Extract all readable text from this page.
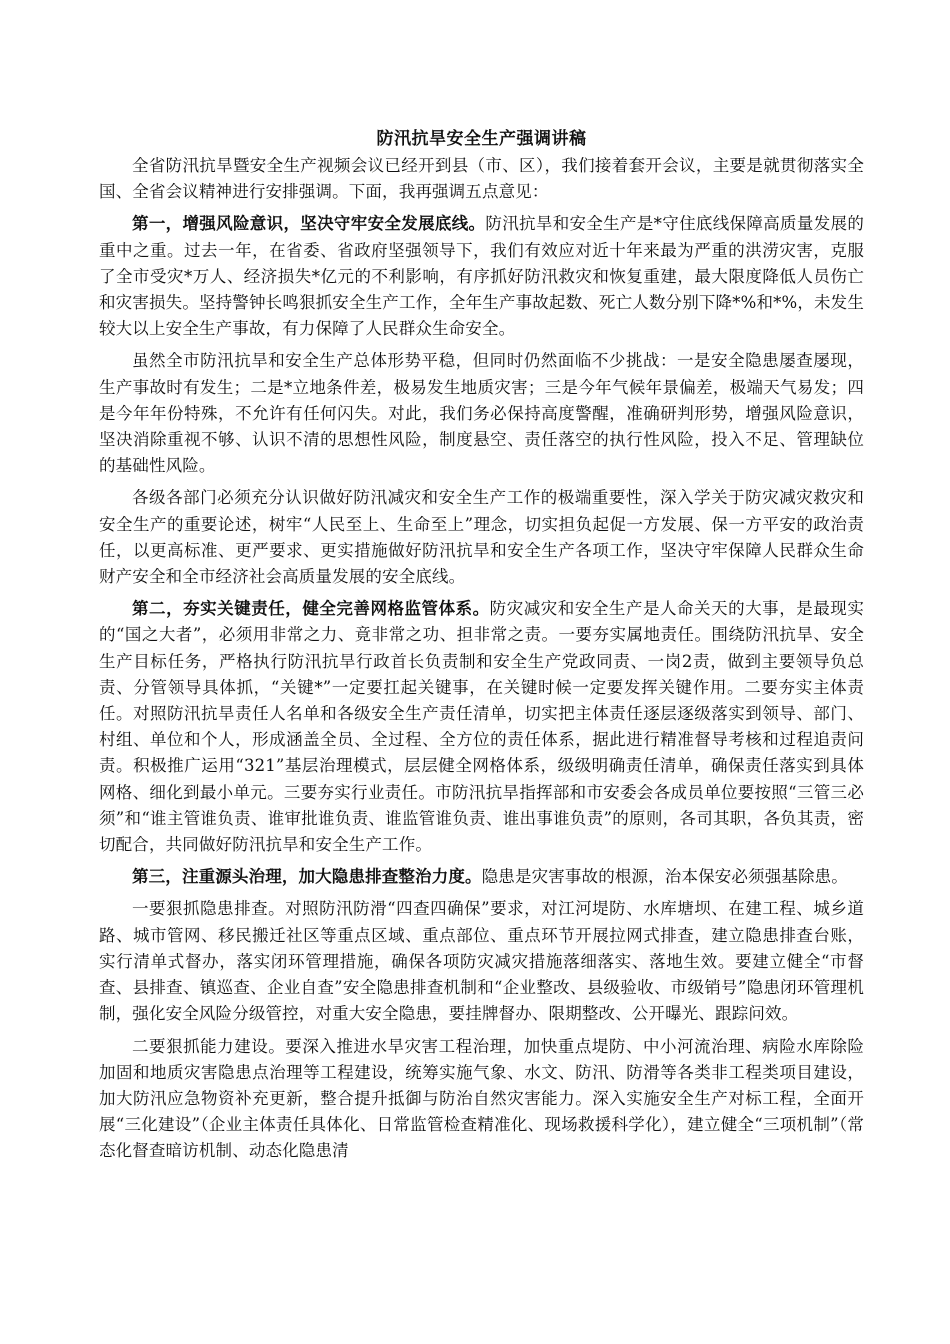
防汛抗旱安全生产强调讲稿

全省防汛抗旱暨安全生产视频会议已经开到县（市、区），我们接着套开会议，主要是就贯彻落实全国、全省会议精神进行安排强调。下面，我再强调五点意见：

第一，增强风险意识，坚决守牢安全发展底线。防汛抗旱和安全生产是*守住底线保障高质量发展的重中之重。过去一年，在省委、省政府坚强领导下，我们有效应对近十年来最为严重的洪涝灾害，克服了全市受灾*万人、经济损失*亿元的不利影响，有序抓好防汛救灾和恢复重建，最大限度降低人员伤亡和灾害损失。坚持警钟长鸣狠抓安全生产工作，全年生产事故起数、死亡人数分别下降*%和*%，未发生较大以上安全生产事故，有力保障了人民群众生命安全。

虽然全市防汛抗旱和安全生产总体形势平稳，但同时仍然面临不少挑战：一是安全隐患屡查屡现，生产事故时有发生；二是*立地条件差，极易发生地质灾害；三是今年气候年景偏差，极端天气易发；四是今年年份特殊，不允许有任何闪失。对此，我们务必保持高度警醒，准确研判形势，增强风险意识，坚决消除重视不够、认识不清的思想性风险，制度悬空、责任落空的执行性风险，投入不足、管理缺位的基础性风险。

各级各部门必须充分认识做好防汛减灾和安全生产工作的极端重要性，深入学关于防灾减灾救灾和安全生产的重要论述，树牢“人民至上、生命至上”理念，切实担负起促一方发展、保一方平安的政治责任，以更高标准、更严要求、更实措施做好防汛抗旱和安全生产各项工作，坚决守牢保障人民群众生命财产安全和全市经济社会高质量发展的安全底线。

第二，夯实关键责任，健全完善网格监管体系。防灾减灾和安全生产是人命关天的大事，是最现实的“国之大者”，必须用非常之力、竟非常之功、担非常之责。一要夯实属地责任。围绕防汛抗旱、安全生产目标任务，严格执行防汛抗旱行政首长负责制和安全生产党政同责、一岗2责，做到主要领导负总责、分管领导具体抓，“关键*”一定要扛起关键事，在关键时候一定要发挥关键作用。二要夯实主体责任。对照防汛抗旱责任人名单和各级安全生产责任清单，切实把主体责任逐层逐级落实到领导、部门、村组、单位和个人，形成涵盖全员、全过程、全方位的责任体系，据此进行精准督导考核和过程追责问责。积极推广运用“321”基层治理模式，层层健全网格体系，级级明确责任清单，确保责任落实到具体网格、细化到最小单元。三要夯实行业责任。市防汛抗旱指挥部和市安委会各成员单位要按照“三管三必须”和“谁主管谁负责、谁审批谁负责、谁监管谁负责、谁出事谁负责”的原则，各司其职，各负其责，密切配合，共同做好防汛抗旱和安全生产工作。

第三，注重源头治理，加大隐患排查整治力度。隐患是灾害事故的根源，治本保安必须强基除患。

一要狠抓隐患排查。对照防汛防滑“四查四确保”要求，对江河堤防、水库塘坝、在建工程、城乡道路、城市管网、移民搬迁社区等重点区域、重点部位、重点环节开展拉网式排查，建立隐患排查台账，实行清单式督办，落实闭环管理措施，确保各项防灾减灾措施落细落实、落地生效。要建立健全“市督查、县排查、镇巡查、企业自查”安全隐患排查机制和“企业整改、县级验收、市级销号”隐患闭环管理机制，强化安全风险分级管控，对重大安全隐患，要挂牌督办、限期整改、公开曝光、跟踪问效。

二要狠抓能力建设。要深入推进水旱灾害工程治理，加快重点堤防、中小河流治理、病险水库除险加固和地质灾害隐患点治理等工程建设，统筹实施气象、水文、防汛、防滑等各类非工程类项目建设，加大防汛应急物资补充更新，整合提升抵御与防治自然灾害能力。深入实施安全生产对标工程，全面开展“三化建设”（企业主体责任具体化、日常监管检查精准化、现场救援科学化），建立健全“三项机制”（常态化督查暗访机制、动态化隐患清
